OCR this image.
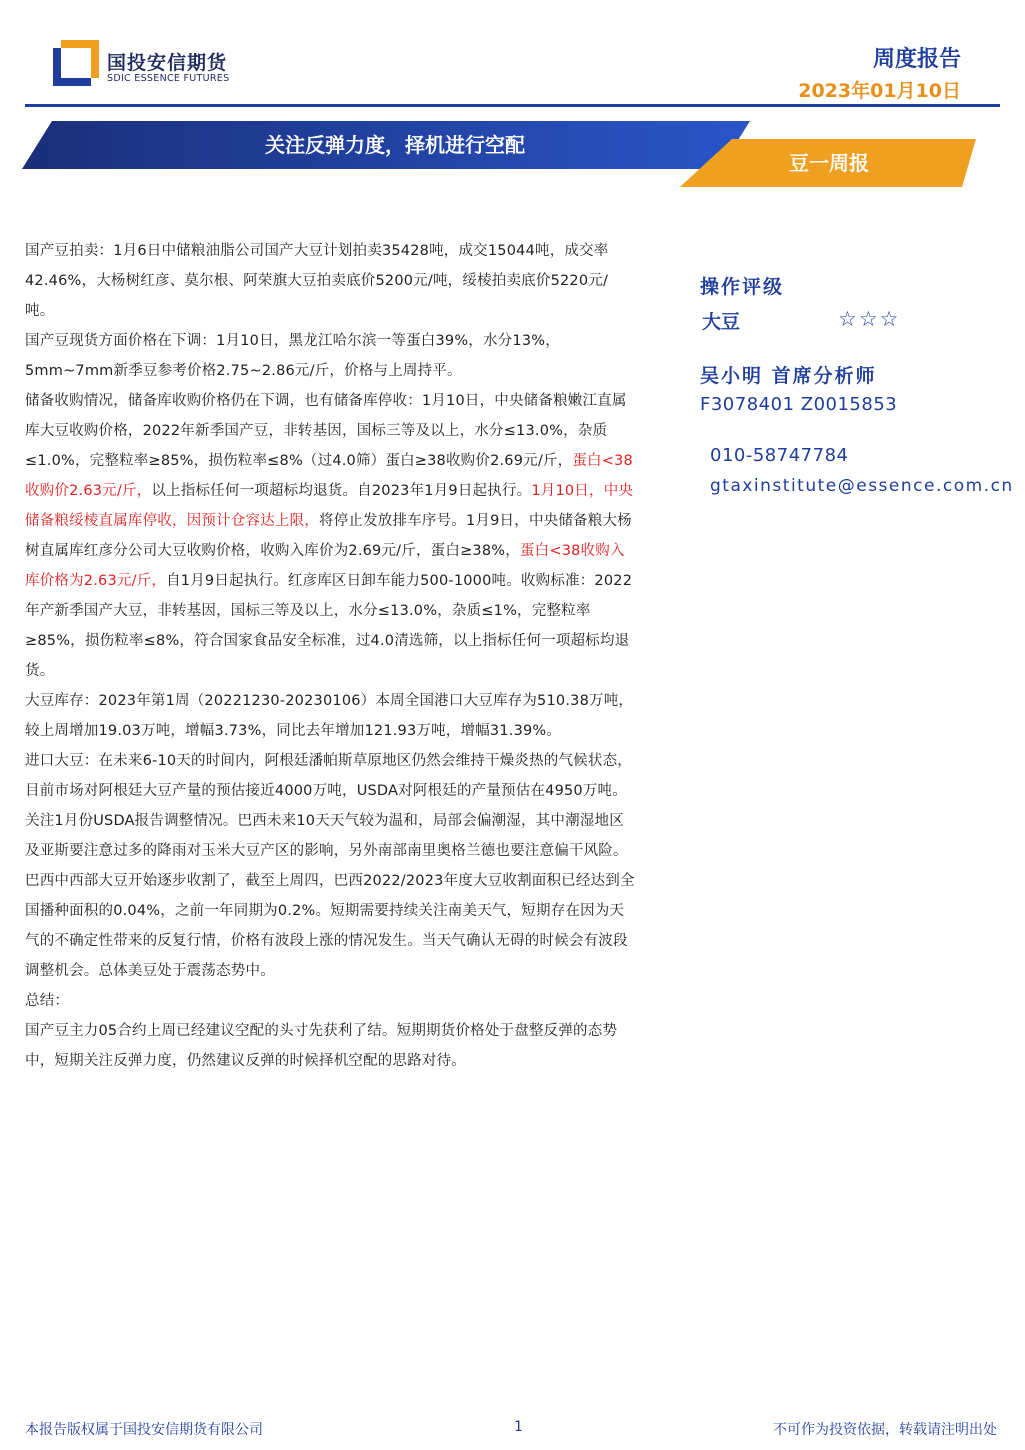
国投安信期货
SDIC ESSENCE FUTURES
周度报告
2023年01月10日
关注反弹力度，择机进行空配
豆一周报

国产豆拍卖：1月6日中储粮油脂公司国产大豆计划拍卖35428吨，成交15044吨，成交率42.46%，大杨树红彦、莫尔根、阿荣旗大豆拍卖底价5200元/吨，绥棱拍卖底价5220元/吨。

国产豆现货方面价格在下调：1月10日，黑龙江哈尔滨一等蛋白39%，水分13%，5mm~7mm新季豆参考价格2.75~2.86元/斤，价格与上周持平。

储备收购情况，储备库收购价格仍在下调，也有储备库停收：1月10日，中央储备粮嫩江直属库大豆收购价格，2022年新季国产豆，非转基因，国标三等及以上，水分≤13.0%，杂质≤1.0%，完整粒率≥85%，损伤粒率≤8%（过4.0筛）蛋白≥38收购价2.69元/斤，蛋白<38收购价2.63元/斤，以上指标任何一项超标均退货。自2023年1月9日起执行。1月10日，中央储备粮绥棱直属库停收，因预计仓容达上限，将停止发放排车序号。1月9日，中央储备粮大杨树直属库红彦分公司大豆收购价格，收购入库价为2.69元/斤，蛋白≥38%，蛋白<38收购入库价格为2.63元/斤，自1月9日起执行。红彦库区日卸车能力500-1000吨。收购标准：2022年产新季国产大豆，非转基因，国标三等及以上，水分≤13.0%，杂质≤1%，完整粒率≥85%，损伤粒率≤8%，符合国家食品安全标准，过4.0清选筛，以上指标任何一项超标均退货。

大豆库存：2023年第1周（20221230-20230106）本周全国港口大豆库存为510.38万吨，较上周增加19.03万吨，增幅3.73%，同比去年增加121.93万吨，增幅31.39%。

进口大豆：在未来6-10天的时间内，阿根廷潘帕斯草原地区仍然会维持干燥炎热的气候状态，目前市场对阿根廷大豆产量的预估接近4000万吨，USDA对阿根廷的产量预估在4950万吨。关注1月份USDA报告调整情况。巴西未来10天天气较为温和，局部会偏潮湿，其中潮湿地区及亚斯要注意过多的降雨对玉米大豆产区的影响，另外南部南里奥格兰德也要注意偏干风险。巴西中西部大豆开始逐步收割了，截至上周四，巴西2022/2023年度大豆收割面积已经达到全国播种面积的0.04%，之前一年同期为0.2%。短期需要持续关注南美天气，短期存在因为天气的不确定性带来的反复行情，价格有波段上涨的情况发生。当天气确认无碍的时候会有波段调整机会。总体美豆处于震荡态势中。

总结：

国产豆主力05合约上周已经建议空配的头寸先获利了结。短期期货价格处于盘整反弹的态势中，短期关注反弹力度，仍然建议反弹的时候择机空配的思路对待。

操作评级
大豆	☆☆☆
吴小明 首席分析师
F3078401 Z0015853
010-58747784
gtaxinstitute@essence.com.cn
本报告版权属于国投安信期货有限公司	1	不可作为投资依据，转载请注明出处
